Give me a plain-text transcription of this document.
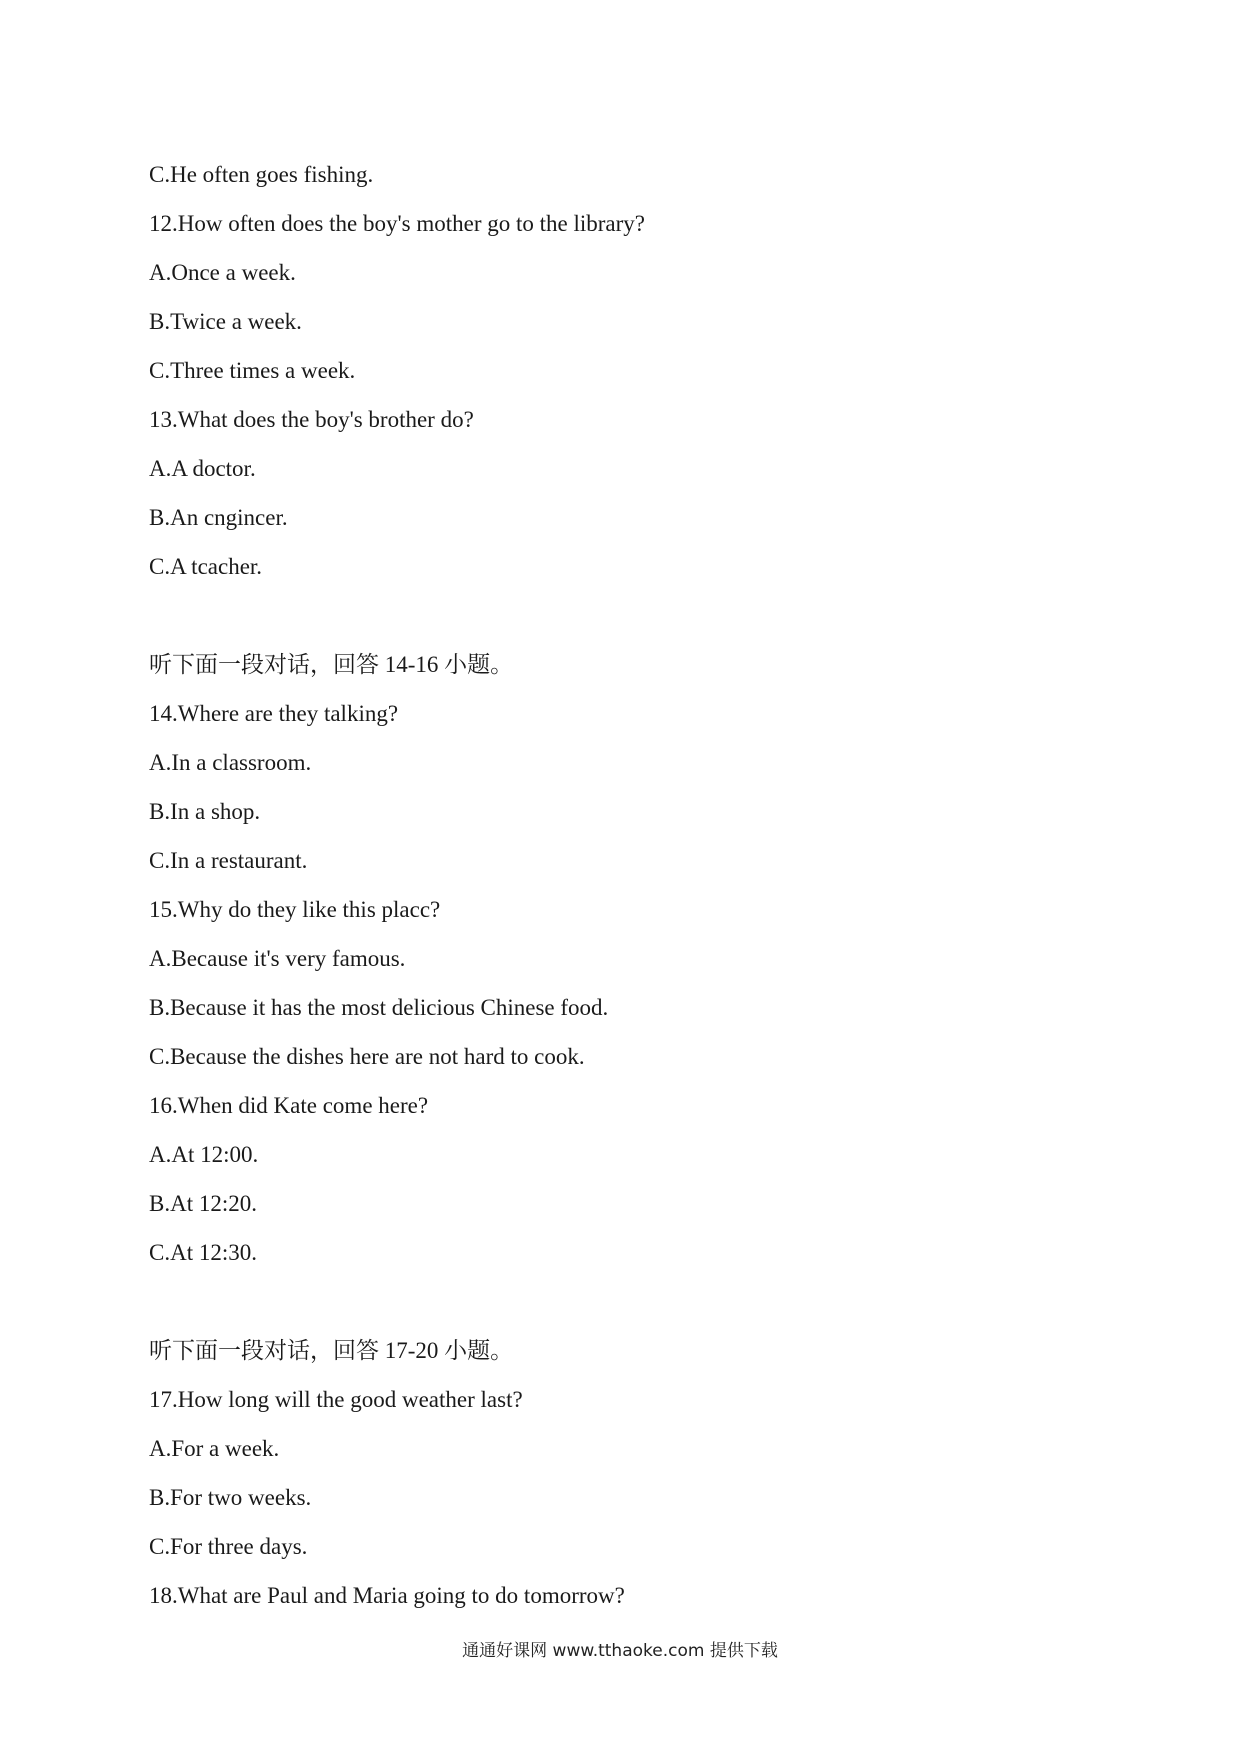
C.He often goes fishing.
12.How often does the boy's mother go to the library?
A.Once a week.
B.Twice a week.
C.Three times a week.
13.What does the boy's brother do?
A.A doctor.
B.An cngincer.
C.A tcacher.
听下面一段对话，回答 14-16 小题。
14.Where are they talking?
A.In a classroom.
B.In a shop.
C.In a restaurant.
15.Why do they like this placc?
A.Because it's very famous.
B.Because it has the most delicious Chinese food.
C.Because the dishes here are not hard to cook.
16.When did Kate come here?
A.At 12:00.
B.At 12:20.
C.At 12:30.
听下面一段对话，回答 17-20 小题。
17.How long will the good weather last?
A.For a week.
B.For two weeks.
C.For three days.
18.What are Paul and Maria going to do tomorrow?
通通好课网 www.tthaoke.com 提供下载
